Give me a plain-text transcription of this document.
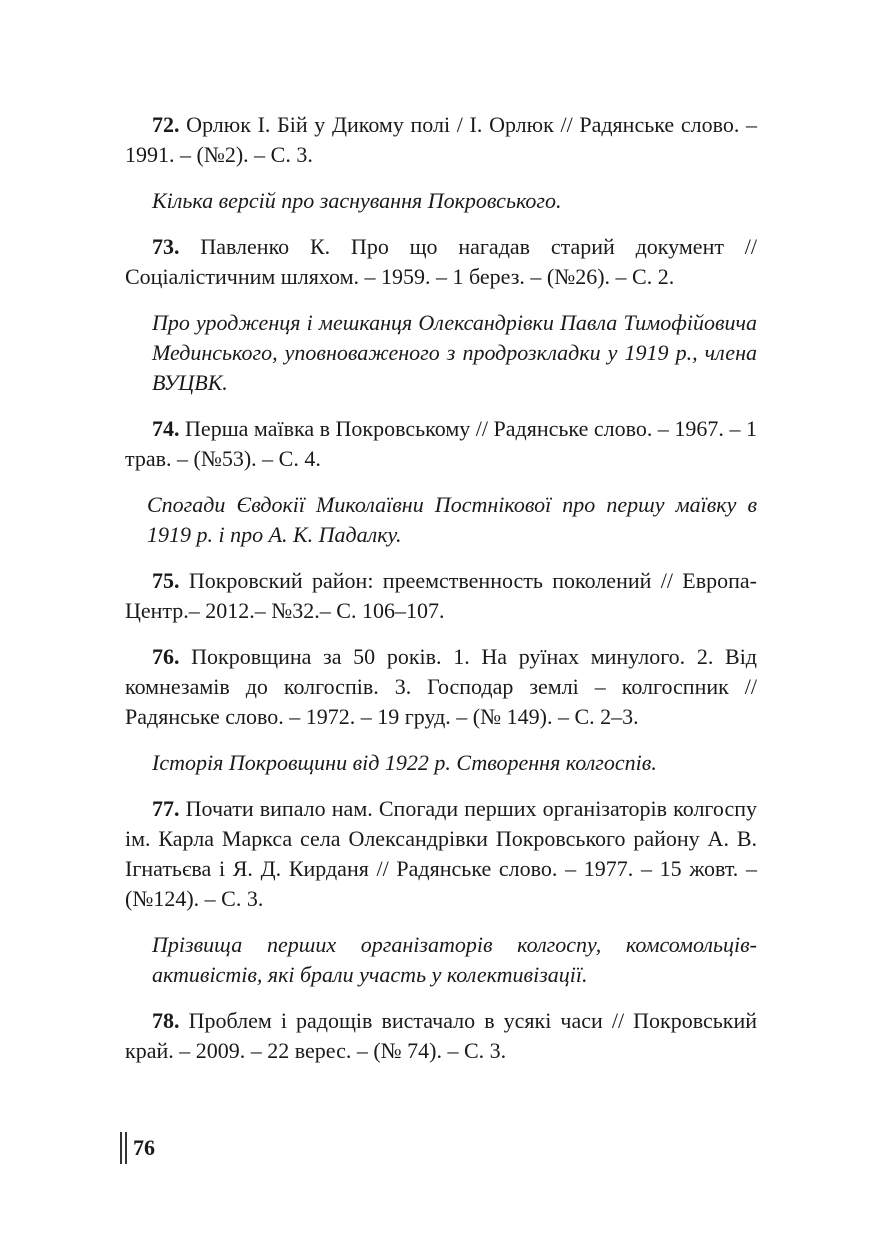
72. Орлюк І. Бій у Дикому полі / І. Орлюк // Радянське слово. – 1991. – (№2). – С. 3.

Кілька версій про заснування Покровського.

73. Павленко К. Про що нагадав старий документ // Соціалістичним шляхом. – 1959. – 1 берез. – (№26). – С. 2.

Про уродженця і мешканця Олександрівки Павла Тимофійовича Мединського, уповноваженого з продрозкладки у 1919 р., члена ВУЦВК.

74. Перша маївка в Покровському // Радянське слово. – 1967. – 1 трав. – (№53). – С. 4.

Спогади Євдокії Миколаївни Постнікової про першу маївку в 1919 р. і про А. К. Падалку.

75. Покровский район: преемственность поколений // Европа-Центр.– 2012.– №32.– С. 106–107.

76. Покровщина за 50 років. 1. На руїнах минулого. 2. Від комнезамів до колгоспів. 3. Господар землі – колгоспник // Радянське слово. – 1972. – 19 груд. – (№ 149). – С. 2–3.

Історія Покровщини від 1922 р. Створення колгоспів.

77. Почати випало нам. Спогади перших організаторів колгоспу ім. Карла Маркса села Олександрівки Покровського району А. В. Ігнатьєва і Я. Д. Кирданя // Радянське слово. – 1977. – 15 жовт. – (№124). – С. 3.

Прізвища перших організаторів колгоспу, комсомольців-активістів, які брали участь у колективізації.

78. Проблем і радощів вистачало в усякі часи // Покровський край. – 2009. – 22 верес. – (№ 74). – С. 3.

76
